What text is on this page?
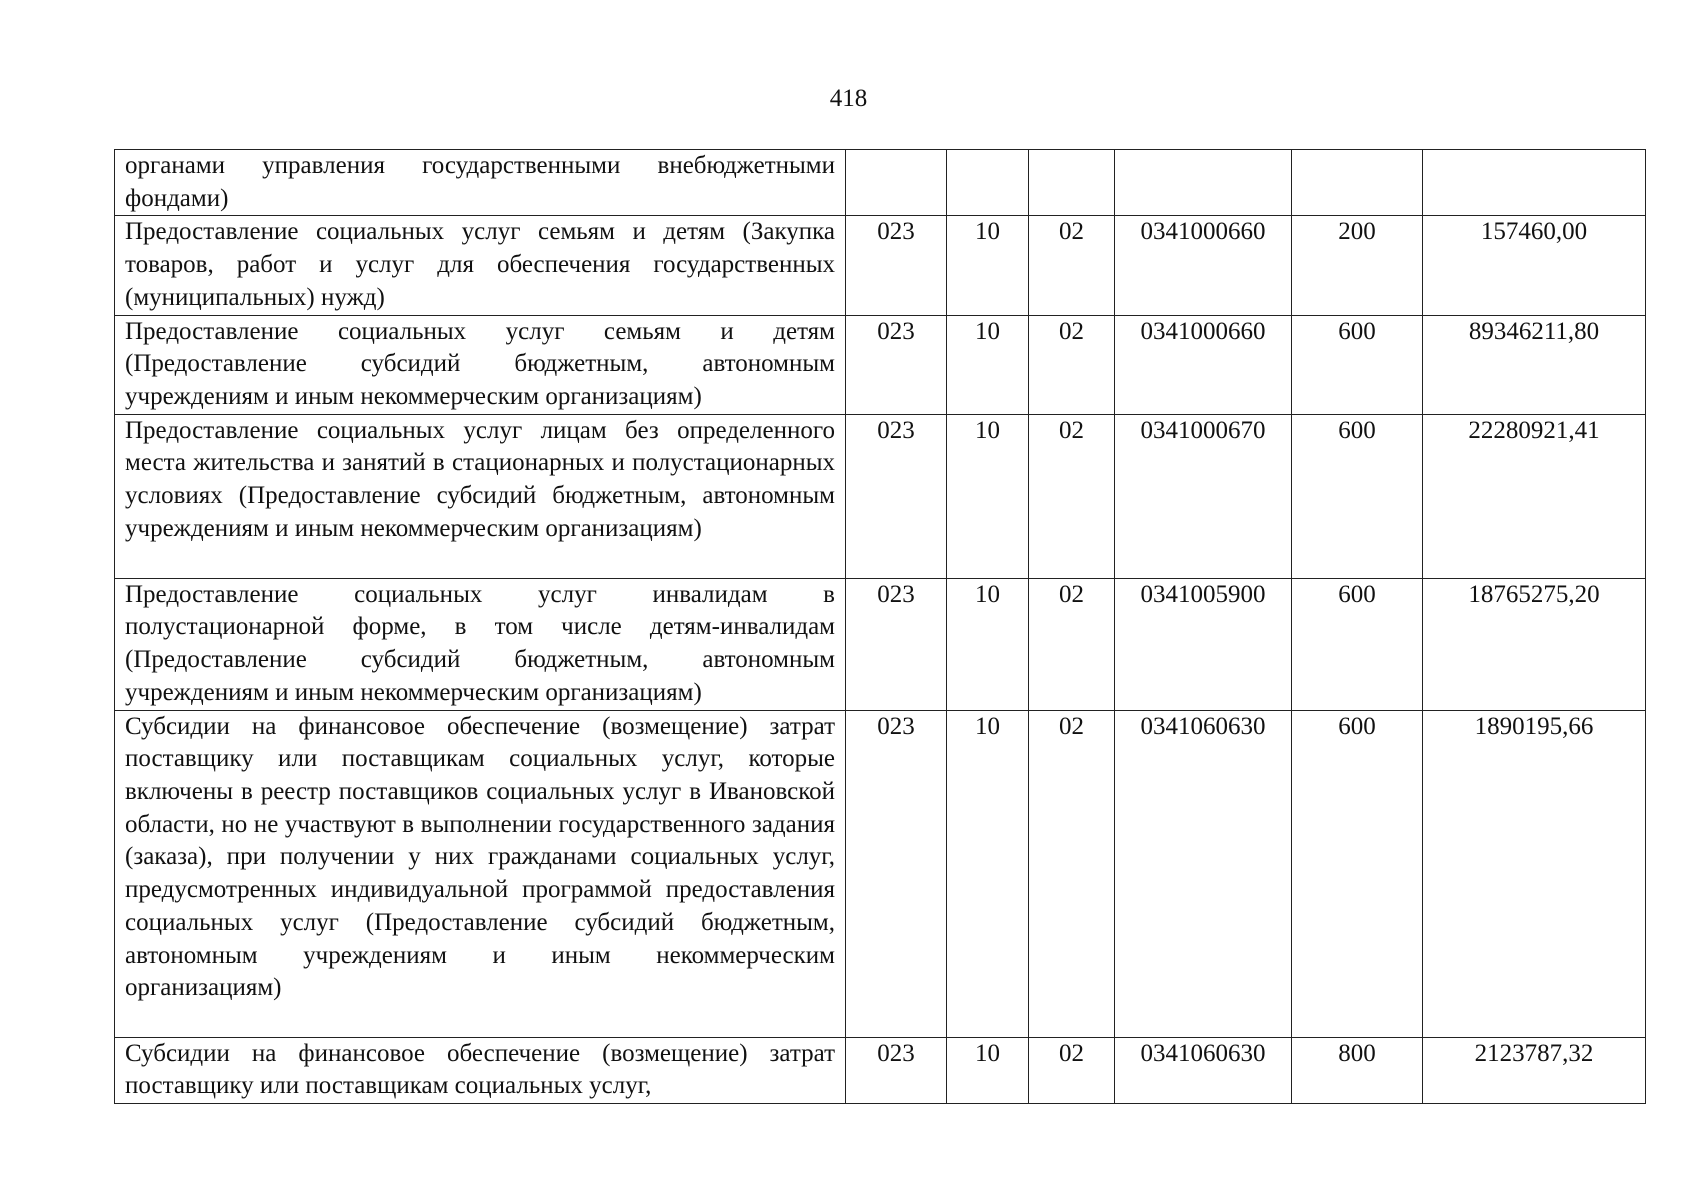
418
органами управления государственными внебюджетными фондами)						
Предоставление социальных услуг семьям и детям (Закупка товаров, работ и услуг для обеспечения государственных (муниципальных) нужд)	023	10	02	0341000660	200	157460,00
Предоставление социальных услуг семьям и детям (Предоставление субсидий бюджетным, автономным учреждениям и иным некоммерческим организациям)	023	10	02	0341000660	600	89346211,80
Предоставление социальных услуг лицам без определенного места жительства и занятий в стационарных и полустационарных условиях (Предоставление субсидий бюджетным, автономным учреждениям и иным некоммерческим организациям)	023	10	02	0341000670	600	22280921,41
Предоставление социальных услуг инвалидам в полустационарной форме, в том числе детям-инвалидам (Предоставление субсидий бюджетным, автономным учреждениям и иным некоммерческим организациям)	023	10	02	0341005900	600	18765275,20
Субсидии на финансовое обеспечение (возмещение) затрат поставщику или поставщикам социальных услуг, которые включены в реестр поставщиков социальных услуг в Ивановской области, но не участвуют в выполнении государственного задания (заказа), при получении у них гражданами социальных услуг, предусмотренных индивидуальной программой предоставления социальных услуг (Предоставление субсидий бюджетным, автономным учреждениям и иным некоммерческим организациям)	023	10	02	0341060630	600	1890195,66
Субсидии на финансовое обеспечение (возмещение) затрат поставщику или поставщикам социальных услуг,	023	10	02	0341060630	800	2123787,32
